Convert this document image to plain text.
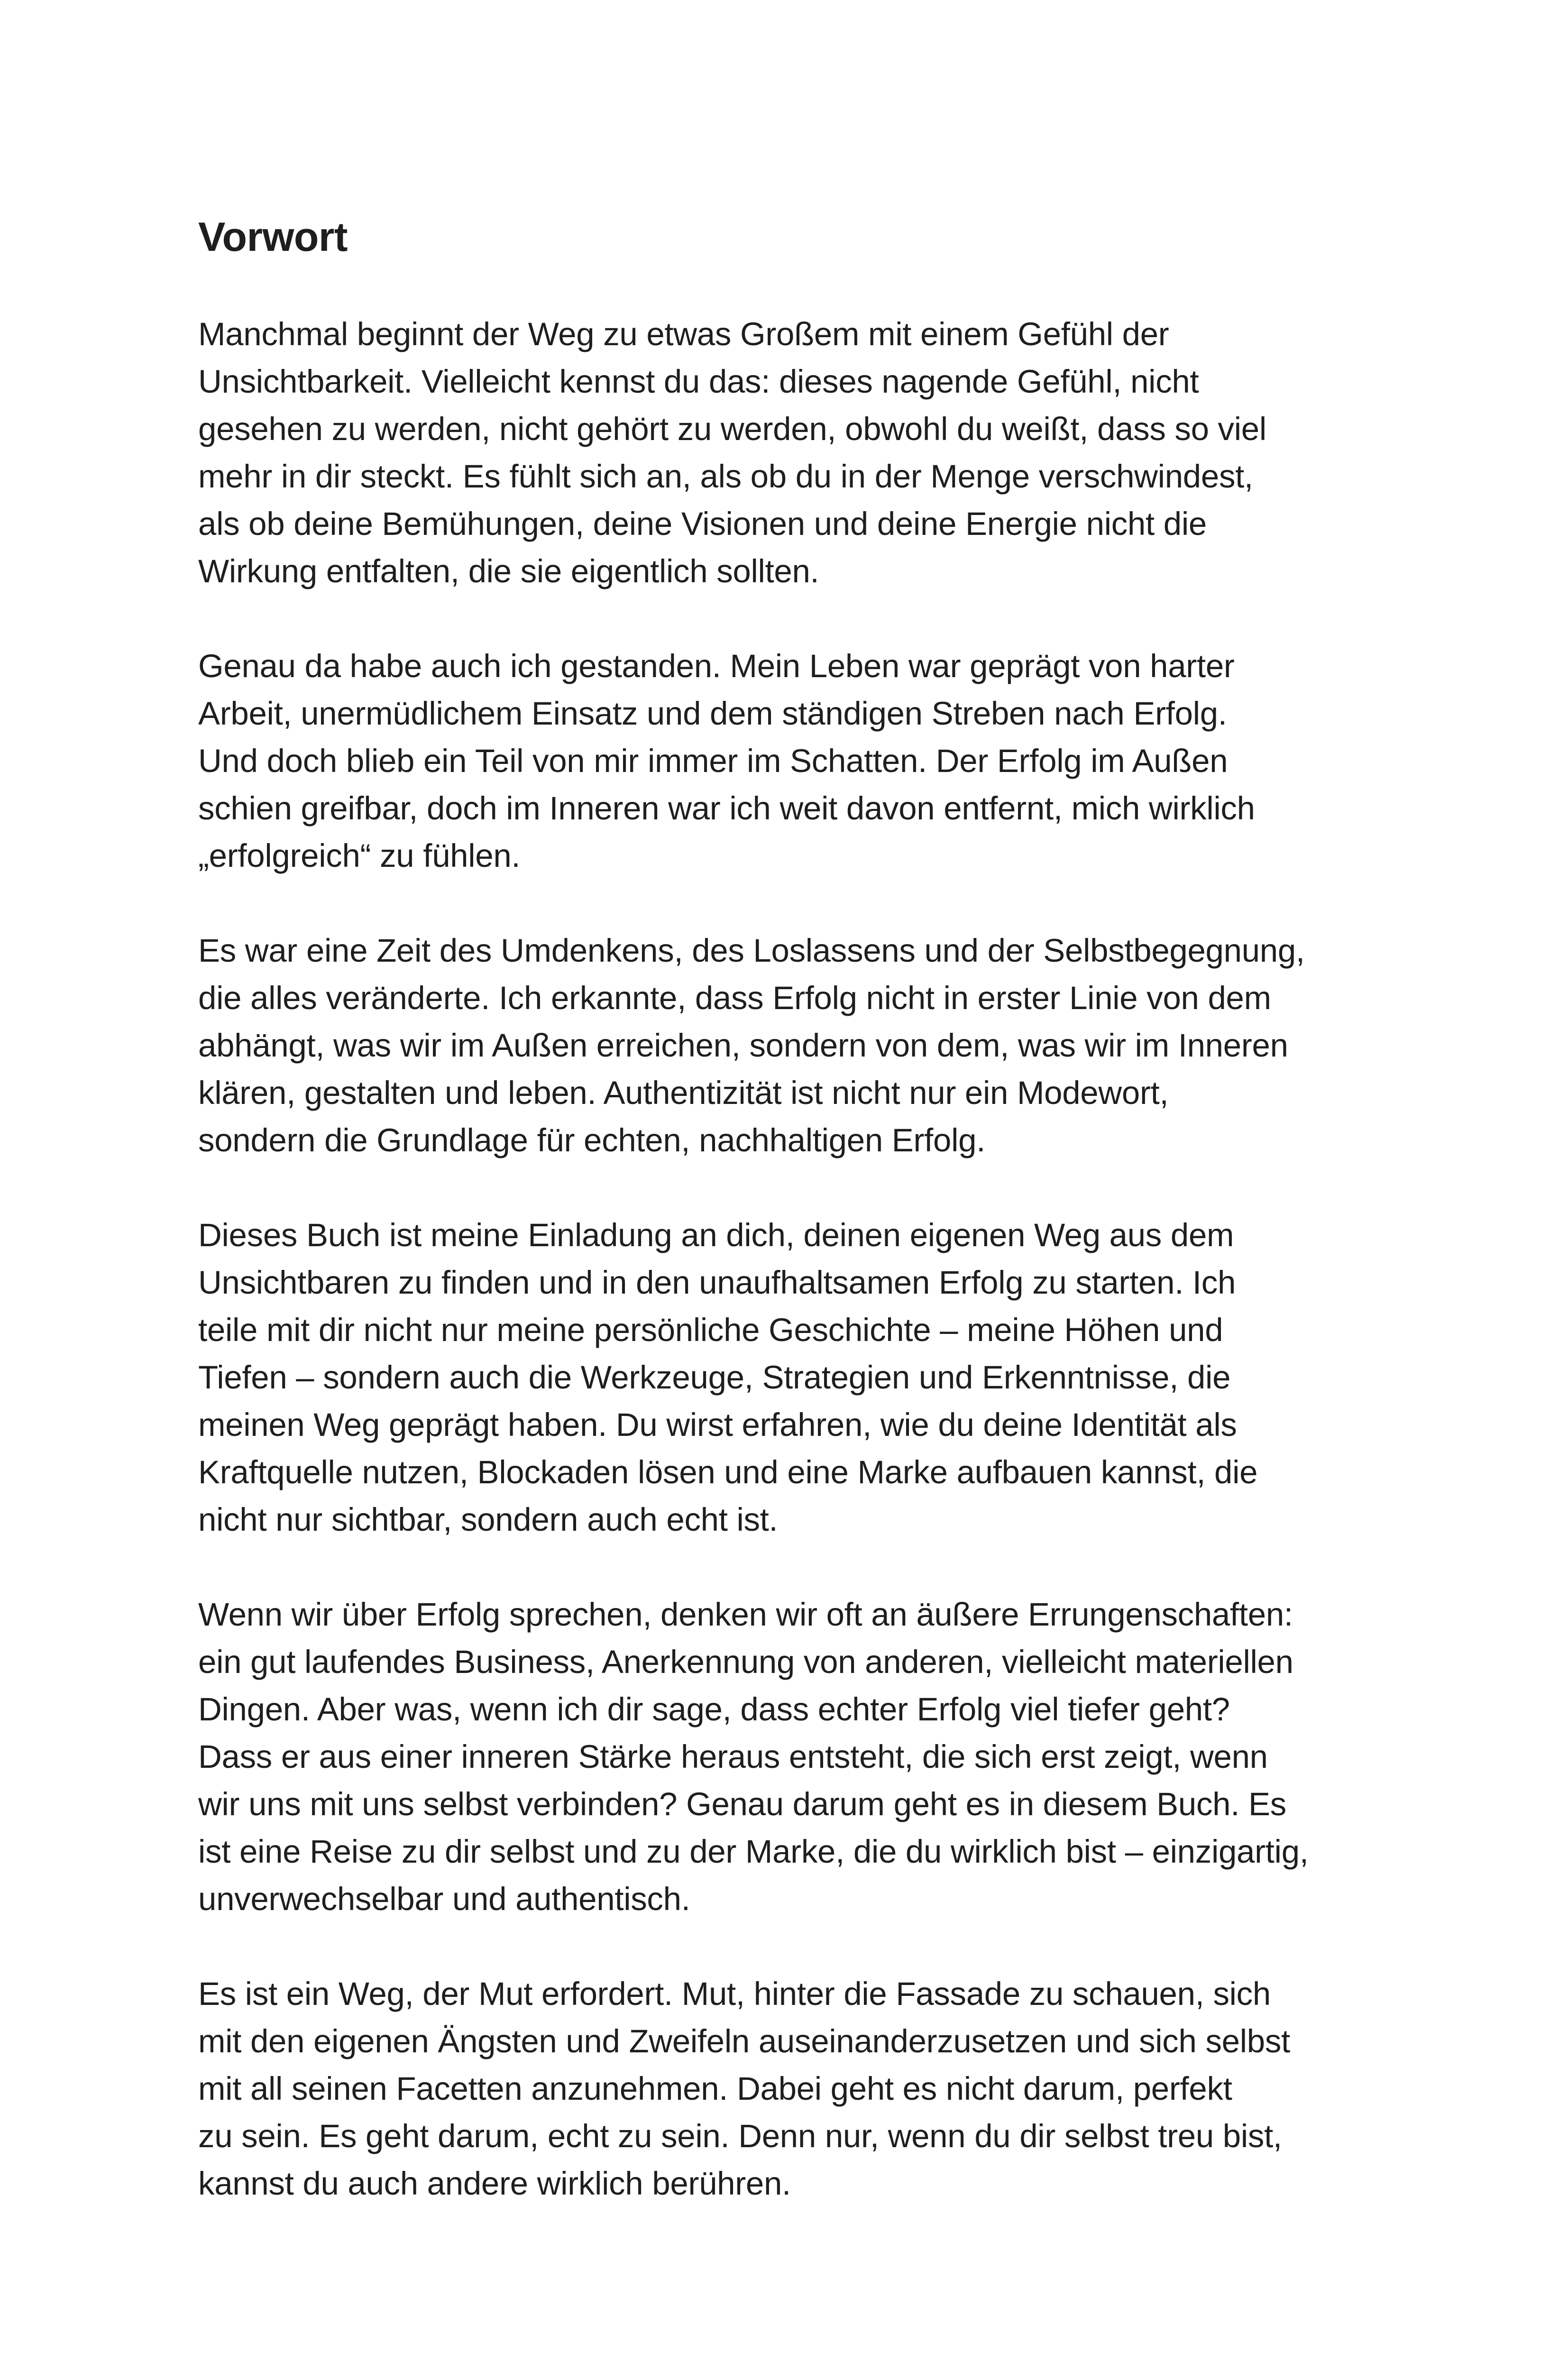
Vorwort

Manchmal beginnt der Weg zu etwas Großem mit einem Gefühl der
Unsichtbarkeit. Vielleicht kennst du das: dieses nagende Gefühl, nicht
gesehen zu werden, nicht gehört zu werden, obwohl du weißt, dass so viel
mehr in dir steckt. Es fühlt sich an, als ob du in der Menge verschwindest,
als ob deine Bemühungen, deine Visionen und deine Energie nicht die
Wirkung entfalten, die sie eigentlich sollten.

Genau da habe auch ich gestanden. Mein Leben war geprägt von harter
Arbeit, unermüdlichem Einsatz und dem ständigen Streben nach Erfolg.
Und doch blieb ein Teil von mir immer im Schatten. Der Erfolg im Außen
schien greifbar, doch im Inneren war ich weit davon entfernt, mich wirklich
„erfolgreich“ zu fühlen.

Es war eine Zeit des Umdenkens, des Loslassens und der Selbstbegegnung,
die alles veränderte. Ich erkannte, dass Erfolg nicht in erster Linie von dem
abhängt, was wir im Außen erreichen, sondern von dem, was wir im Inneren
klären, gestalten und leben. Authentizität ist nicht nur ein Modewort,
sondern die Grundlage für echten, nachhaltigen Erfolg.

Dieses Buch ist meine Einladung an dich, deinen eigenen Weg aus dem
Unsichtbaren zu finden und in den unaufhaltsamen Erfolg zu starten. Ich
teile mit dir nicht nur meine persönliche Geschichte – meine Höhen und
Tiefen – sondern auch die Werkzeuge, Strategien und Erkenntnisse, die
meinen Weg geprägt haben. Du wirst erfahren, wie du deine Identität als
Kraftquelle nutzen, Blockaden lösen und eine Marke aufbauen kannst, die
nicht nur sichtbar, sondern auch echt ist.

Wenn wir über Erfolg sprechen, denken wir oft an äußere Errungenschaften:
ein gut laufendes Business, Anerkennung von anderen, vielleicht materiellen
Dingen. Aber was, wenn ich dir sage, dass echter Erfolg viel tiefer geht?
Dass er aus einer inneren Stärke heraus entsteht, die sich erst zeigt, wenn
wir uns mit uns selbst verbinden? Genau darum geht es in diesem Buch. Es
ist eine Reise zu dir selbst und zu der Marke, die du wirklich bist – einzigartig,
unverwechselbar und authentisch.

Es ist ein Weg, der Mut erfordert. Mut, hinter die Fassade zu schauen, sich
mit den eigenen Ängsten und Zweifeln auseinanderzusetzen und sich selbst
mit all seinen Facetten anzunehmen. Dabei geht es nicht darum, perfekt
zu sein. Es geht darum, echt zu sein. Denn nur, wenn du dir selbst treu bist,
kannst du auch andere wirklich berühren.
